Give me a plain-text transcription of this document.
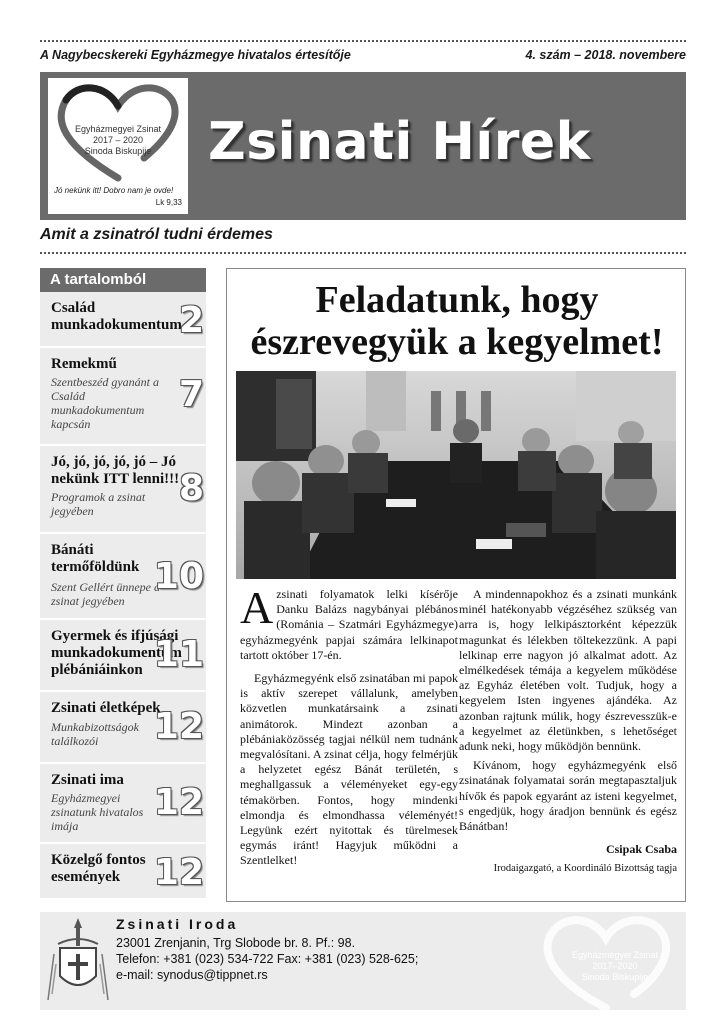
A Nagybecskereki Egyházmegye hivatalos értesítője	4. szám – 2018. novembere
Egyházmegyei Zsinat
2017 – 2020
Sinoda Biskupije
Jó nekünk itt! Dobro nam je ovde!
Lk 9,33
Zsinati Hírek
Amit a zsinatról tudni érdemes
A tartalomból
Család munkadokumentum
2
Remekmű
Szentbeszéd gyanánt a Család munkadokumentum kapcsán
7
Jó, jó, jó, jó, jó – Jó nekünk ITT lenni!!!
Programok a zsinat jegyében
8
Bánáti termőföldünk
Szent Gellért ünnepe a zsinat jegyében
10
Gyermek és ifjúsági munkadokumentum plébániáinkon 11
Zsinati életképek
Munkabizottságok találkozói	12
Zsinati ima
Egyházmegyei zsinatunk hivatalos imája
12
Közelgő fontos események 12
Feladatunk, hogy
észrevegyük a kegyelmet!

Azsinati folyamatok lelki kísérője Danku Balázs nagybányai plébános (Románia – Szatmári Egyházmegye) egyházmegyénk papjai számára lelkinapot tartott október 17-én.

Egyházmegyénk első zsinatában mi papok is aktív szerepet vállalunk, amelyben közvetlen munkatársaink a zsinati animátorok. Mindezt azonban a plébániaközösség tagjai nélkül nem tudnánk megvalósítani. A zsinat célja, hogy felmérjük a helyzetet egész Bánát területén, s meghallgassuk a véleményeket egy-egy témakörben. Fontos, hogy mindenki elmondja és elmondhassa véleményét! Legyünk ezért nyitottak és türelmesek egymás iránt! Hagyjuk működni a Szentlelket!

A mindennapokhoz és a zsinati munkánk minél hatékonyabb végzéséhez szükség van arra is, hogy lelkipásztorként képezzük magunkat és lélekben töltekezzünk. A papi lelkinap erre nagyon jó alkalmat adott. Az elmélkedések témája a kegyelem működése az Egyház életében volt. Tudjuk, hogy a kegyelem Isten ingyenes ajándéka. Az azonban rajtunk múlik, hogy észrevesszük-e a kegyelmet az életünkben, s lehetőséget adunk neki, hogy működjön bennünk.

Kívánom, hogy egyházmegyénk első zsinatának folyamatai során megtapasztaljuk hívők és papok egyaránt az isteni kegyelmet, s engedjük, hogy áradjon bennünk és egész Bánátban!

Csipak Csaba
Irodaigazgató, a Koordináló Bizottság tagja
Zsinati Iroda
23001 Zrenjanin, Trg Slobode br. 8. Pf.: 98.
Telefon: +381 (023) 534-722 Fax: +381 (023) 528-625;
e-mail: synodus@tippnet.rs
Egyházmegyei Zsinat
2017–2020
Sinoda Biskupije
